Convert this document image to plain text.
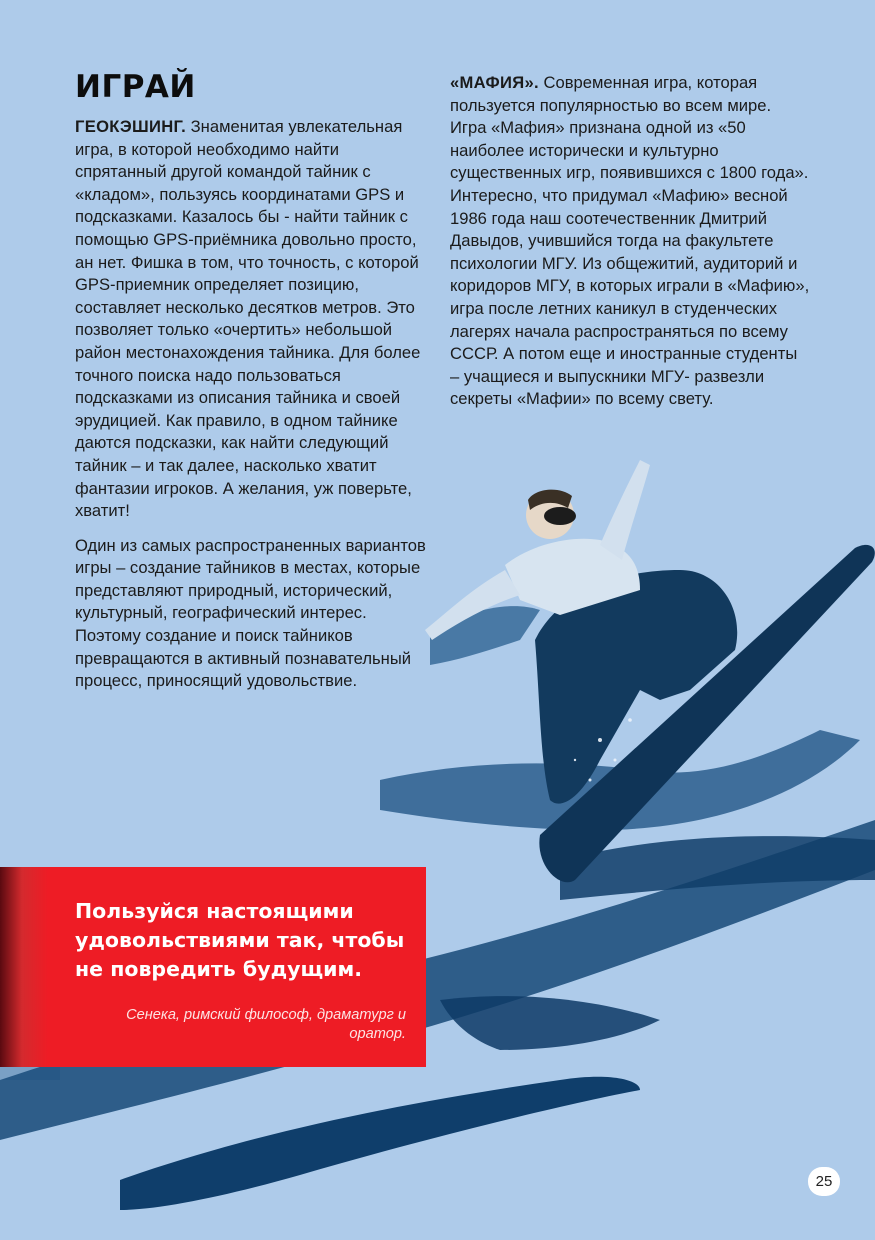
ИГРАЙ

ГЕОКЭШИНГ. Знаменитая увлекательная игра, в которой необходимо найти спрятанный другой командой тайник с «кладом», пользуясь координатами GPS и подсказками. Казалось бы - найти тайник с помощью GPS-приёмника довольно просто, ан нет. Фишка в том, что точность, с которой GPS-приемник определяет позицию, составляет несколько десятков метров. Это позволяет только «очертить» небольшой район местонахождения тайника. Для более точного поиска надо пользоваться подсказками из описания тайника и своей эрудицией. Как правило, в одном тайнике даются подсказки, как найти следующий тайник – и так далее, насколько хватит фантазии игроков. А желания, уж поверьте, хватит!

Один из самых распространенных вариантов игры – создание тайников в местах, которые представляют природный, исторический, культурный, географический интерес. Поэтому создание и поиск тайников превращаются в активный познавательный процесс, приносящий удовольствие.

«МАФИЯ». Современная игра, которая пользуется популярностью во всем мире. Игра «Мафия» признана одной из «50 наиболее исторически и культурно существенных игр, появившихся с 1800 года». Интересно, что придумал «Мафию» весной 1986 года наш соотечественник Дмитрий Давыдов, учившийся тогда на факультете психологии МГУ. Из общежитий, аудиторий и коридоров МГУ, в которых играли в «Мафию», игра после летних каникул в студенческих лагерях начала распространяться по всему СССР. А потом еще и иностранные студенты – учащиеся и выпускники МГУ- развезли секреты «Мафии» по всему свету.

Пользуйся настоящими удовольствиями так, чтобы не повредить будущим.

Сенека, римский философ, драматург и оратор.

25
